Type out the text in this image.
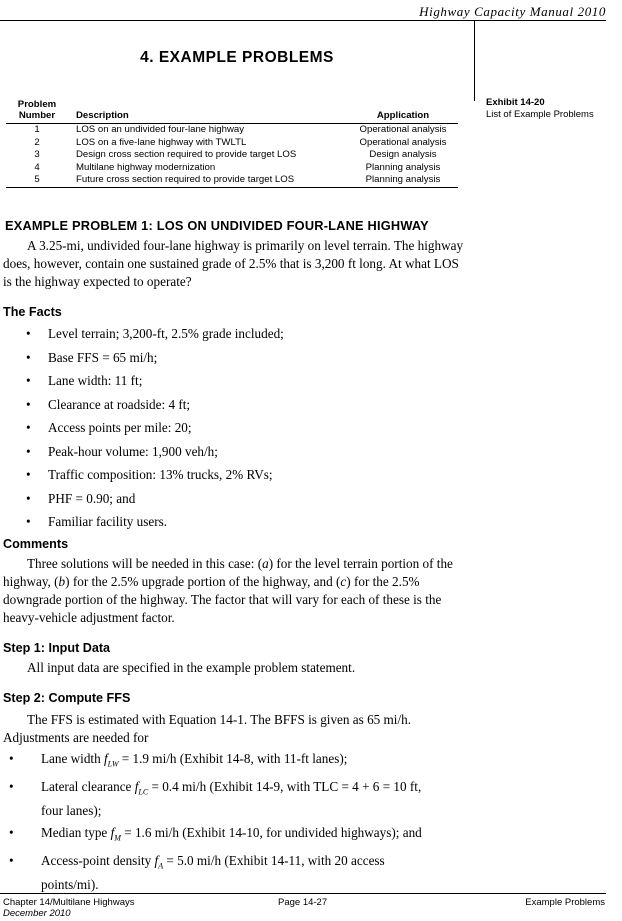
Highway Capacity Manual 2010
4. EXAMPLE PROBLEMS
Problem
Number	Description	Application
1	LOS on an undivided four-lane highway	Operational analysis
2	LOS on a five-lane highway with TWLTL	Operational analysis
3	Design cross section required to provide target LOS	Design analysis
4	Multilane highway modernization	Planning analysis
5	Future cross section required to provide target LOS	Planning analysis
Exhibit 14-20
List of Example Problems
EXAMPLE PROBLEM 1: LOS ON UNDIVIDED FOUR-LANE HIGHWAY

A 3.25-mi, undivided four-lane highway is primarily on level terrain. The highway does, however, contain one sustained grade of 2.5% that is 3,200 ft long. At what LOS is the highway expected to operate?

The Facts
• Level terrain; 3,200-ft, 2.5% grade included;
• Base FFS = 65 mi/h;
• Lane width: 11 ft;
• Clearance at roadside: 4 ft;
• Access points per mile: 20;
• Peak-hour volume: 1,900 veh/h;
• Traffic composition: 13% trucks, 2% RVs;
• PHF = 0.90; and
• Familiar facility users.
Comments

Three solutions will be needed in this case: (a) for the level terrain portion of the highway, (b) for the 2.5% upgrade portion of the highway, and (c) for the 2.5% downgrade portion of the highway. The factor that will vary for each of these is the heavy-vehicle adjustment factor.

Step 1: Input Data

All input data are specified in the example problem statement.

Step 2: Compute FFS

The FFS is estimated with Equation 14-1. The BFFS is given as 65 mi/h. Adjustments are needed for

• Lane width $f_{LW} = 1.9$ mi/h (Exhibit 14-8, with 11-ft lanes);
• Lateral clearance $f_{LC} = 0.4$ mi/h (Exhibit 14-9, with TLC = 4 + 6 = 10 ft, four lanes);
• Median type $f_M = 1.6$ mi/h (Exhibit 14-10, for undivided highways); and
• Access-point density $f_A = 5.0$ mi/h (Exhibit 14-11, with 20 access points/mi).
Chapter 14/Multilane Highways
December 2010
Page 14-27	Example Problems
